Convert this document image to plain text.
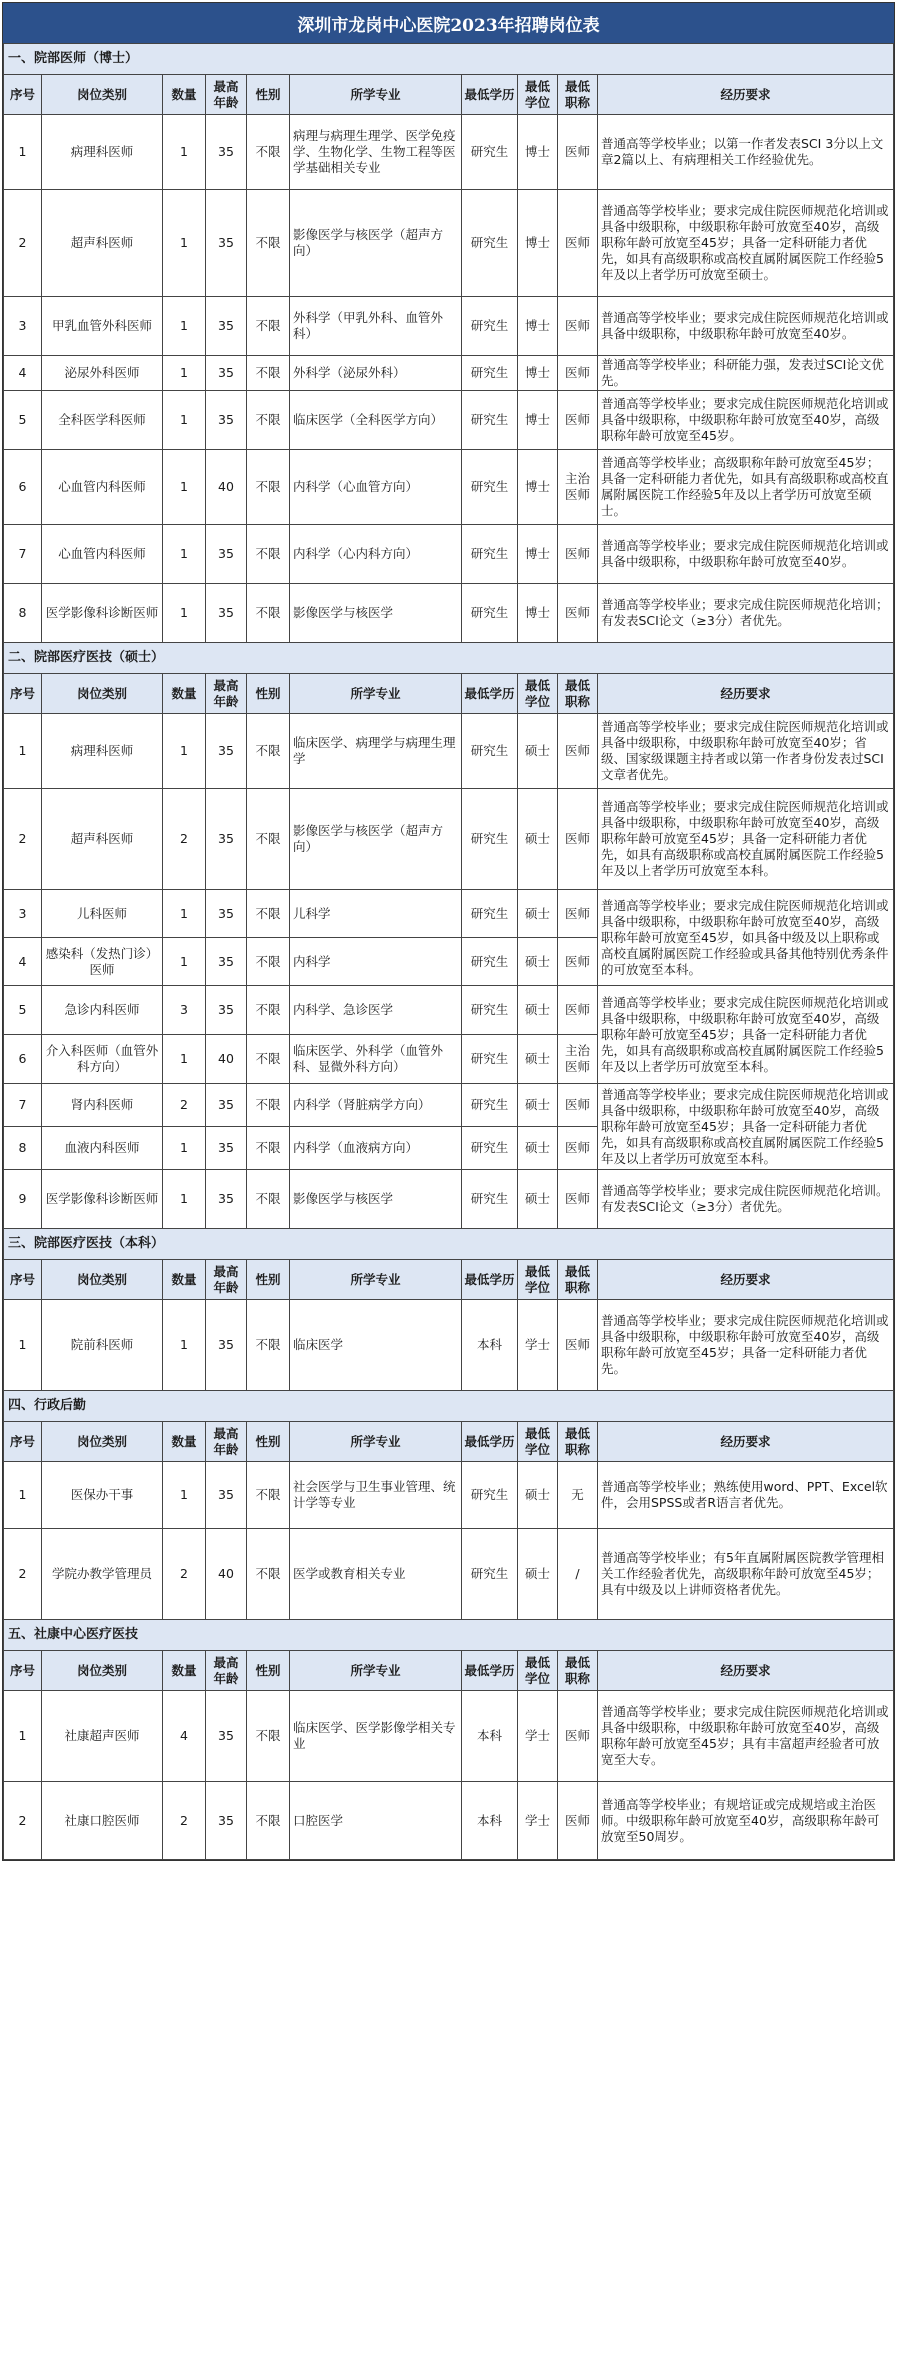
深圳市龙岗中心医院2023年招聘岗位表
一、院部医师（博士）									
序号	岗位类别	数量	最高年龄	性别	所学专业	最低学历	最低学位	最低职称	经历要求
1	病理科医师	1	35	不限	病理与病理生理学、医学免疫学、生物化学、生物工程等医学基础相关专业	研究生	博士	医师	普通高等学校毕业；以第一作者发表SCI 3分以上文章2篇以上、有病理相关工作经验优先。
2	超声科医师	1	35	不限	影像医学与核医学（超声方向）	研究生	博士	医师	普通高等学校毕业；要求完成住院医师规范化培训或具备中级职称，中级职称年龄可放宽至40岁，高级职称年龄可放宽至45岁；具备一定科研能力者优先，如具有高级职称或高校直属附属医院工作经验5年及以上者学历可放宽至硕士。
3	甲乳血管外科医师	1	35	不限	外科学（甲乳外科、血管外科）	研究生	博士	医师	普通高等学校毕业；要求完成住院医师规范化培训或具备中级职称，中级职称年龄可放宽至40岁。
4	泌尿外科医师	1	35	不限	外科学（泌尿外科）	研究生	博士	医师	普通高等学校毕业；科研能力强，发表过SCI论文优先。
5	全科医学科医师	1	35	不限	临床医学（全科医学方向）	研究生	博士	医师	普通高等学校毕业；要求完成住院医师规范化培训或具备中级职称，中级职称年龄可放宽至40岁，高级职称年龄可放宽至45岁。
6	心血管内科医师	1	40	不限	内科学（心血管方向）	研究生	博士	主治医师	普通高等学校毕业；高级职称年龄可放宽至45岁；具备一定科研能力者优先，如具有高级职称或高校直属附属医院工作经验5年及以上者学历可放宽至硕士。
7	心血管内科医师	1	35	不限	内科学（心内科方向）	研究生	博士	医师	普通高等学校毕业；要求完成住院医师规范化培训或具备中级职称，中级职称年龄可放宽至40岁。
8	医学影像科诊断医师	1	35	不限	影像医学与核医学	研究生	博士	医师	普通高等学校毕业；要求完成住院医师规范化培训；有发表SCI论文（≥3分）者优先。
二、院部医疗医技（硕士）									
序号	岗位类别	数量	最高年龄	性别	所学专业	最低学历	最低学位	最低职称	经历要求
1	病理科医师	1	35	不限	临床医学、病理学与病理生理学	研究生	硕士	医师	普通高等学校毕业；要求完成住院医师规范化培训或具备中级职称，中级职称年龄可放宽至40岁；省级、国家级课题主持者或以第一作者身份发表过SCI文章者优先。
2	超声科医师	2	35	不限	影像医学与核医学（超声方向）	研究生	硕士	医师	普通高等学校毕业；要求完成住院医师规范化培训或具备中级职称，中级职称年龄可放宽至40岁，高级职称年龄可放宽至45岁；具备一定科研能力者优先，如具有高级职称或高校直属附属医院工作经验5年及以上者学历可放宽至本科。
3	儿科医师	1	35	不限	儿科学	研究生	硕士	医师	普通高等学校毕业；要求完成住院医师规范化培训或具备中级职称，中级职称年龄可放宽至40岁，高级职称年龄可放宽至45岁，如具备中级及以上职称或高校直属附属医院工作经验或具备其他特别优秀条件的可放宽至本科。
4	感染科（发热门诊）医师	1	35	不限	内科学	研究生	硕士	医师	
5	急诊内科医师	3	35	不限	内科学、急诊医学	研究生	硕士	医师	普通高等学校毕业；要求完成住院医师规范化培训或具备中级职称，中级职称年龄可放宽至40岁，高级职称年龄可放宽至45岁；具备一定科研能力者优先，如具有高级职称或高校直属附属医院工作经验5年及以上者学历可放宽至本科。
6	介入科医师（血管外科方向）	1	40	不限	临床医学、外科学（血管外科、显微外科方向）	研究生	硕士	主治医师	
7	肾内科医师	2	35	不限	内科学（肾脏病学方向）	研究生	硕士	医师	普通高等学校毕业；要求完成住院医师规范化培训或具备中级职称，中级职称年龄可放宽至40岁，高级职称年龄可放宽至45岁；具备一定科研能力者优先，如具有高级职称或高校直属附属医院工作经验5年及以上者学历可放宽至本科。
8	血液内科医师	1	35	不限	内科学（血液病方向）	研究生	硕士	医师	
9	医学影像科诊断医师	1	35	不限	影像医学与核医学	研究生	硕士	医师	普通高等学校毕业；要求完成住院医师规范化培训。有发表SCI论文（≥3分）者优先。
三、院部医疗医技（本科）									
序号	岗位类别	数量	最高年龄	性别	所学专业	最低学历	最低学位	最低职称	经历要求
1	院前科医师	1	35	不限	临床医学	本科	学士	医师	普通高等学校毕业；要求完成住院医师规范化培训或具备中级职称，中级职称年龄可放宽至40岁，高级职称年龄可放宽至45岁；具备一定科研能力者优先。
四、行政后勤									
序号	岗位类别	数量	最高年龄	性别	所学专业	最低学历	最低学位	最低职称	经历要求
1	医保办干事	1	35	不限	社会医学与卫生事业管理、统计学等专业	研究生	硕士	无	普通高等学校毕业；熟练使用word、PPT、Excel软件，会用SPSS或者R语言者优先。
2	学院办教学管理员	2	40	不限	医学或教育相关专业	研究生	硕士	/	普通高等学校毕业；有5年直属附属医院教学管理相关工作经验者优先，高级职称年龄可放宽至45岁；具有中级及以上讲师资格者优先。
五、社康中心医疗医技									
序号	岗位类别	数量	最高年龄	性别	所学专业	最低学历	最低学位	最低职称	经历要求
1	社康超声医师	4	35	不限	临床医学、医学影像学相关专业	本科	学士	医师	普通高等学校毕业；要求完成住院医师规范化培训或具备中级职称，中级职称年龄可放宽至40岁，高级职称年龄可放宽至45岁；具有丰富超声经验者可放宽至大专。
2	社康口腔医师	2	35	不限	口腔医学	本科	学士	医师	普通高等学校毕业；有规培证或完成规培或主治医师。中级职称年龄可放宽至40岁，高级职称年龄可放宽至50周岁。
